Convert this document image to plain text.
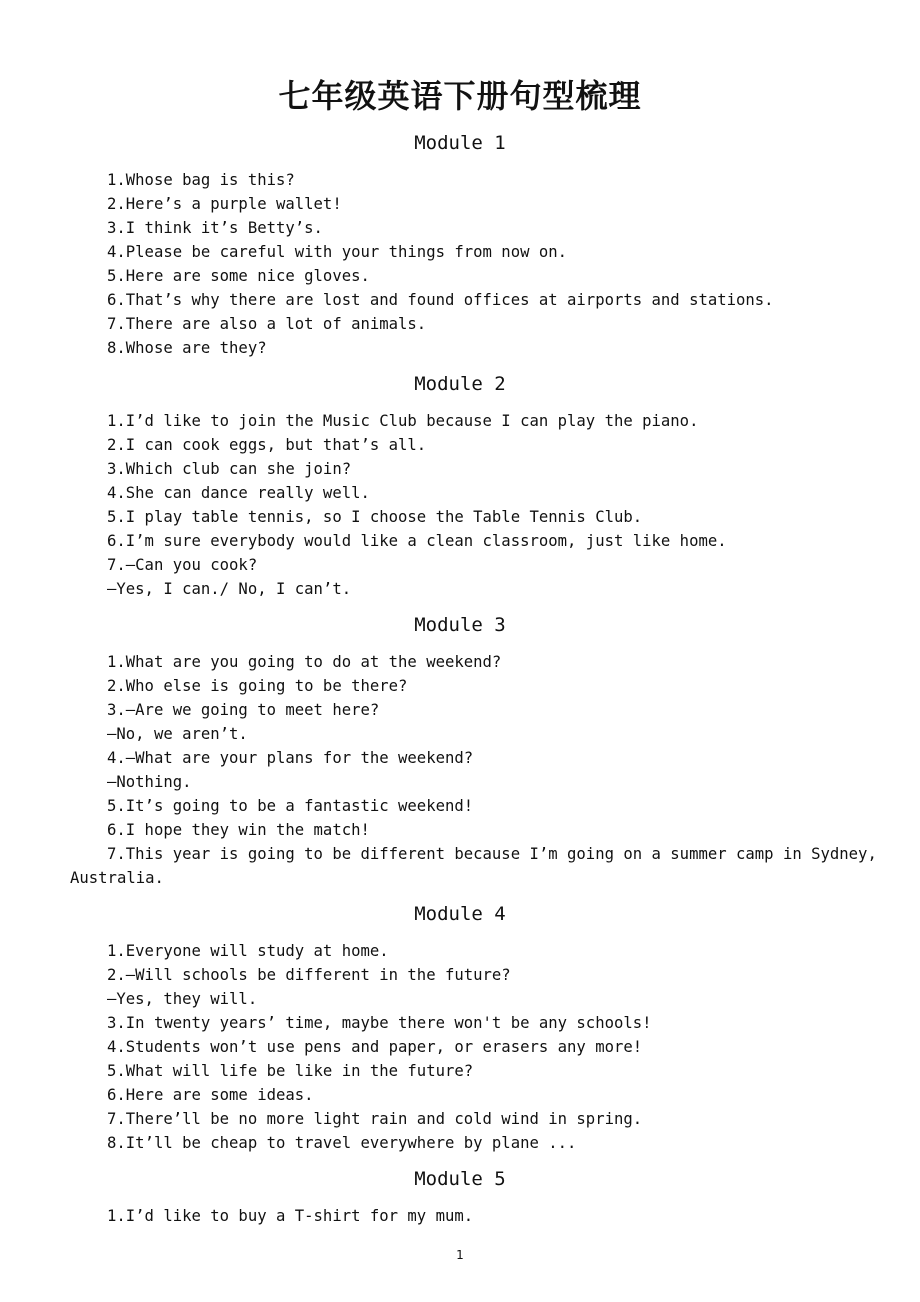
七年级英语下册句型梳理
Module 1
1.Whose bag is this?
2.Here’s a purple wallet!
3.I think it’s Betty’s.
4.Please be careful with your things from now on.
5.Here are some nice gloves.
6.That’s why there are lost and found offices at airports and stations.
7.There are also a lot of animals.
8.Whose are they?
Module 2
1.I’d like to join the Music Club because I can play the piano.
2.I can cook eggs, but that’s all.
3.Which club can she join?
4.She can dance really well.
5.I play table tennis, so I choose the Table Tennis Club.
6.I’m sure everybody would like a clean classroom, just like home.
7.—Can you cook?
—Yes, I can./ No, I can’t.
Module 3
1.What are you going to do at the weekend?
2.Who else is going to be there?
3.—Are we going to meet here?
—No, we aren’t.
4.—What are your plans for the weekend?
—Nothing.
5.It’s going to be a fantastic weekend!
6.I hope they win the match!
7.This year is going to be different because I’m going on a summer camp in Sydney,
Australia.
Module 4
1.Everyone will study at home.
2.—Will schools be different in the future?
—Yes, they will.
3.In twenty years’ time, maybe there won't be any schools!
4.Students won’t use pens and paper, or erasers any more!
5.What will life be like in the future?
6.Here are some ideas.
7.There’ll be no more light rain and cold wind in spring.
8.It’ll be cheap to travel everywhere by plane ...
Module 5
1.I’d like to buy a T-shirt for my mum.
1
